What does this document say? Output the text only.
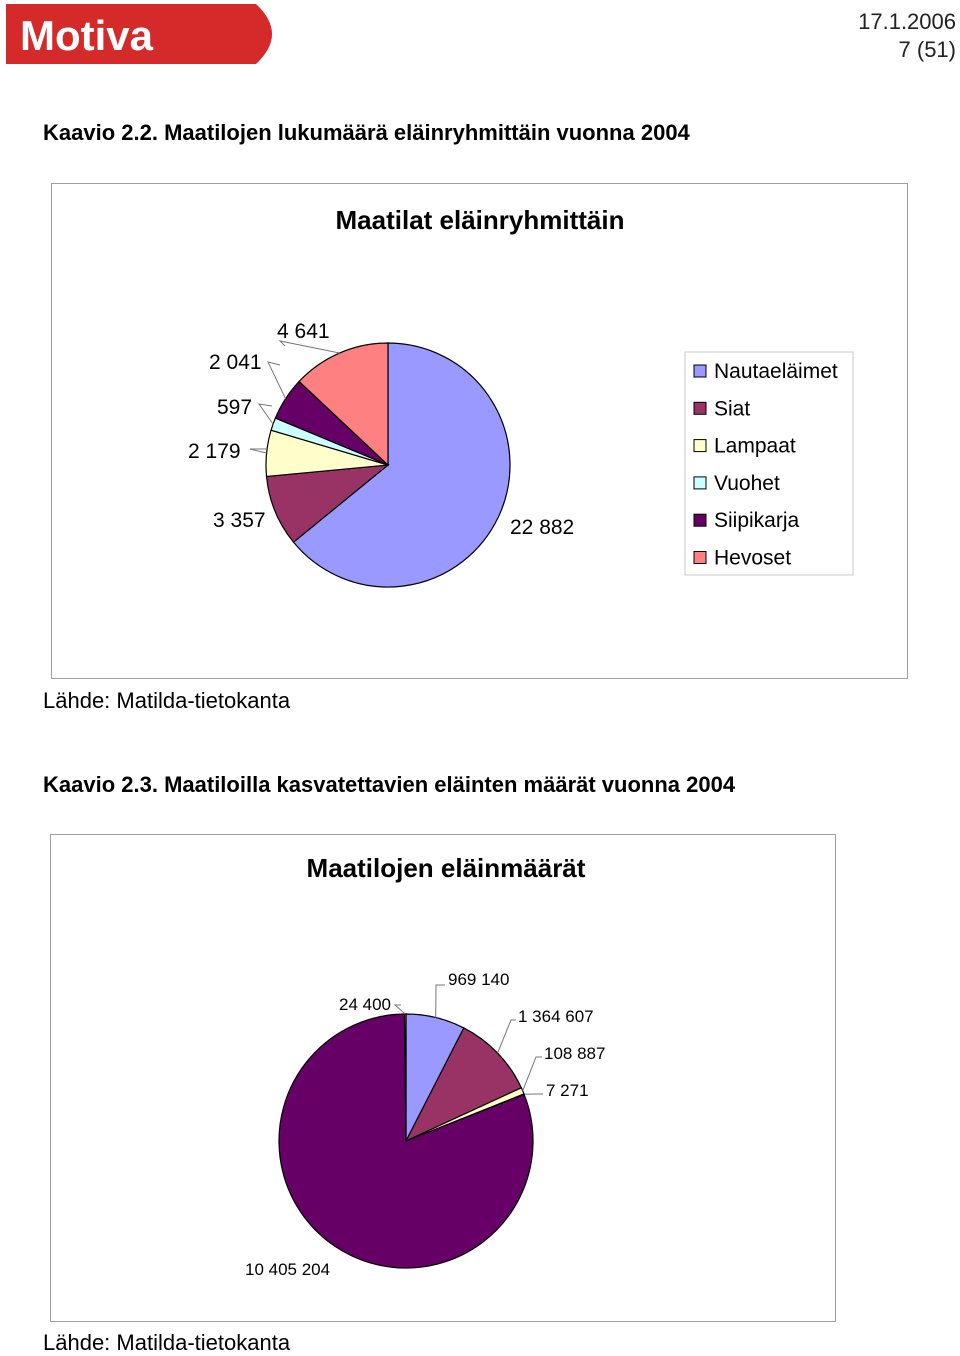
Motiva	17.1.2006
7 (51)
Kaavio 2.2. Maatilojen lukumäärä eläinryhmittäin vuonna 2004
Maatilat eläinryhmittäin
22 882
3 357
2 179
597
2 041
4 641
Nautaeläimet
Siat
Lampaat
Vuohet
Siipikarja
Hevoset
Lähde: Matilda-tietokanta
Kaavio 2.3. Maatiloilla kasvatettavien eläinten määrät vuonna 2004
Maatilojen eläinmäärät
969 140
1 364 607
108 887
7 271
10 405 204
24 400
Lähde: Matilda-tietokanta
